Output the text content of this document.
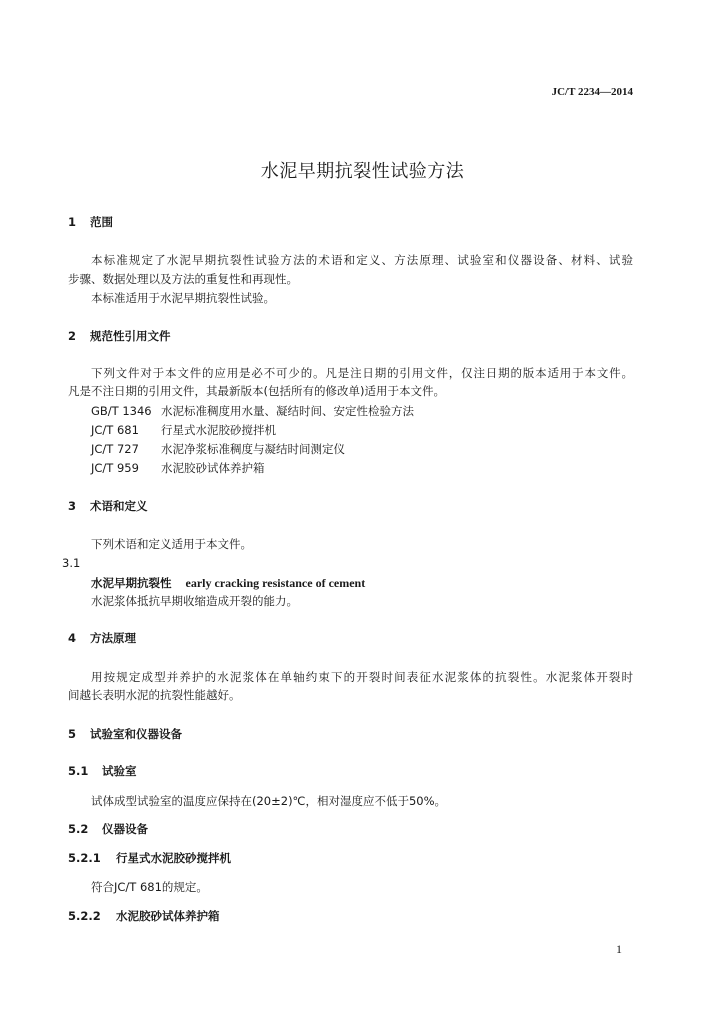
JC/T 2234—2014
水泥早期抗裂性试验方法
1 范围
本标准规定了水泥早期抗裂性试验方法的术语和定义、方法原理、试验室和仪器设备、材料、试验
步骤、数据处理以及方法的重复性和再现性。
本标准适用于水泥早期抗裂性试验。
2 规范性引用文件
下列文件对于本文件的应用是必不可少的。凡是注日期的引用文件，仅注日期的版本适用于本文件。
凡是不注日期的引用文件，其最新版本(包括所有的修改单)适用于本文件。
GB/T 1346 水泥标准稠度用水量、凝结时间、安定性检验方法
JC/T 681 行星式水泥胶砂搅拌机
JC/T 727 水泥净浆标准稠度与凝结时间测定仪
JC/T 959 水泥胶砂试体养护箱
3 术语和定义
下列术语和定义适用于本文件。
3.1
水泥早期抗裂性 early cracking resistance of cement
水泥浆体抵抗早期收缩造成开裂的能力。
4 方法原理
用按规定成型并养护的水泥浆体在单轴约束下的开裂时间表征水泥浆体的抗裂性。水泥浆体开裂时
间越长表明水泥的抗裂性能越好。
5 试验室和仪器设备
5.1 试验室
试体成型试验室的温度应保持在(20±2)℃，相对湿度应不低于50%。
5.2 仪器设备
5.2.1 行星式水泥胶砂搅拌机
符合JC/T 681的规定。
5.2.2 水泥胶砂试体养护箱
1
